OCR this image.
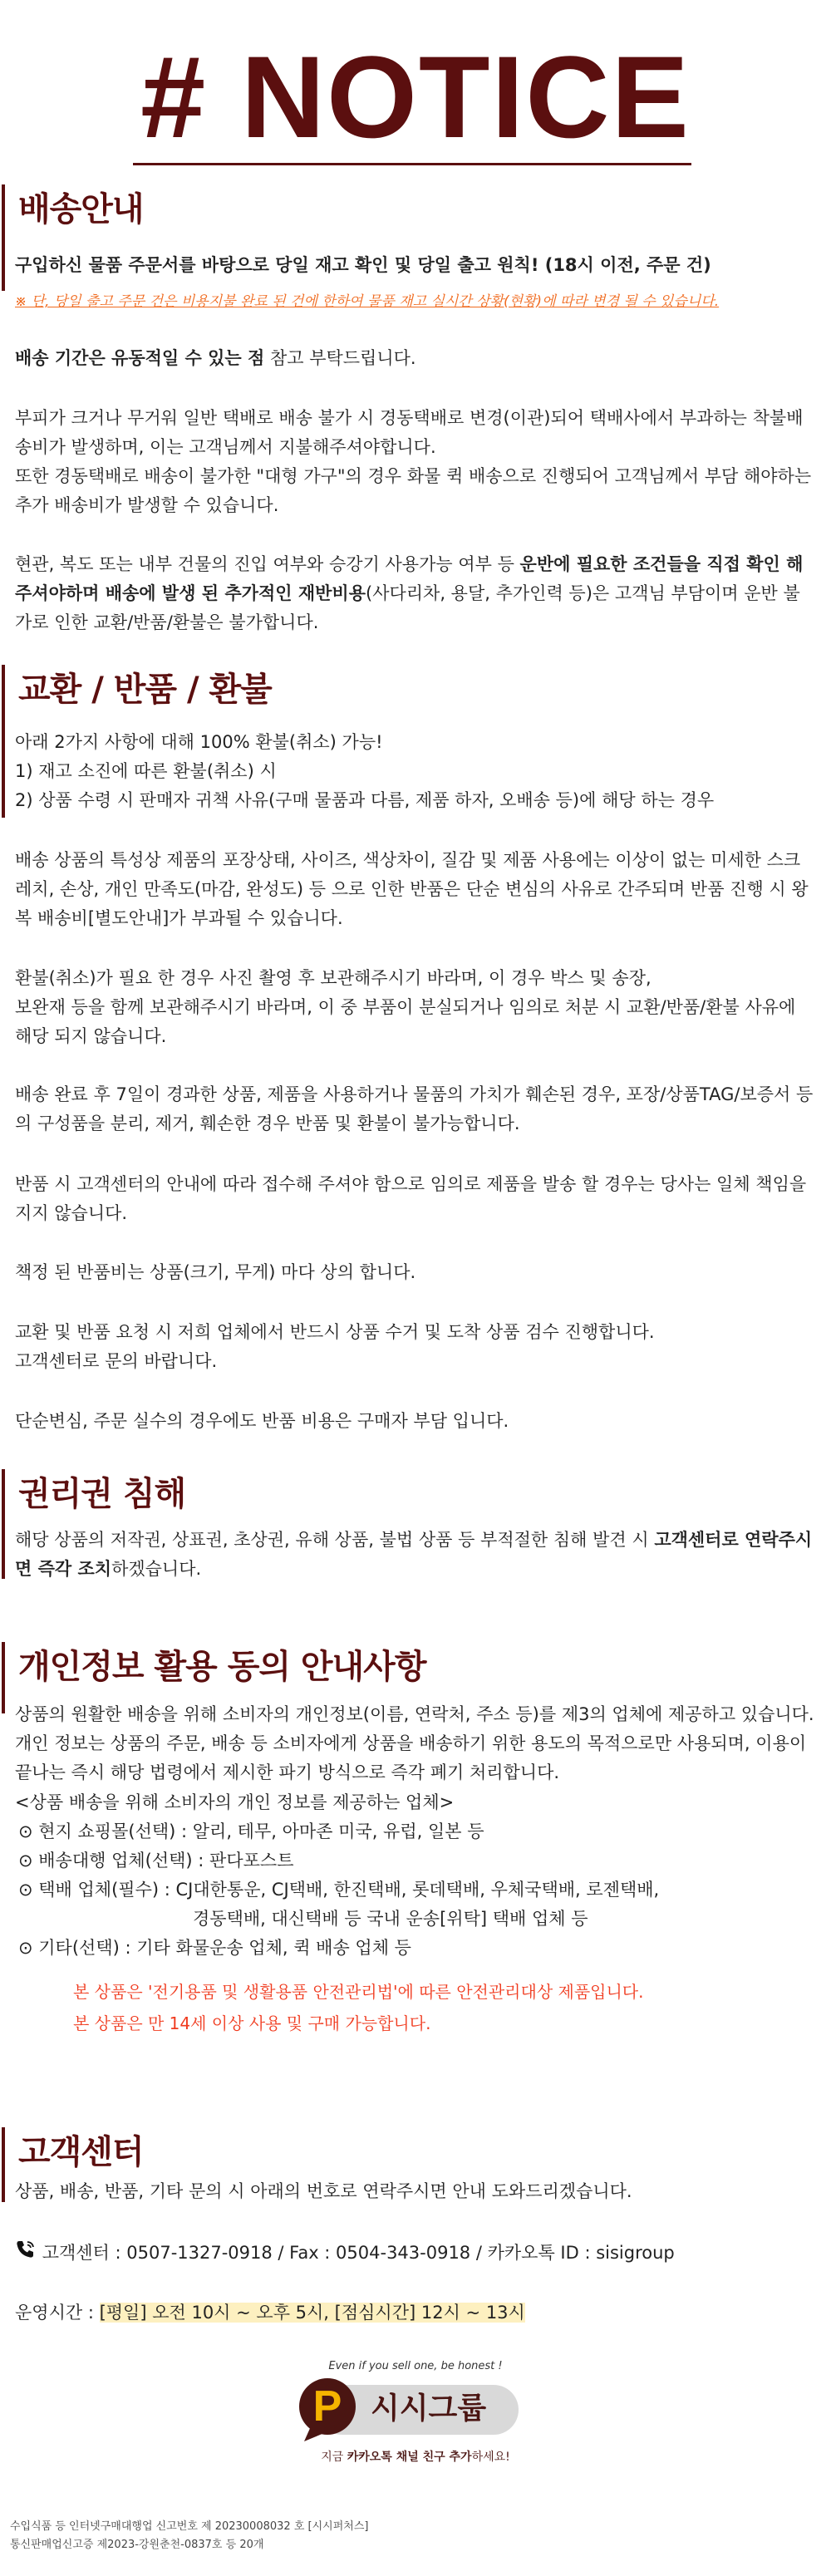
# NOTICE
배송안내
구입하신 물품 주문서를 바탕으로 당일 재고 확인 및 당일 출고 원칙! (18시 이전, 주문 건)
※ 단, 당일 출고 주문 건은 비용지불 완료 된 건에 한하여 물품 재고 실시간 상황(현황)에 따라 변경 될 수 있습니다.
배송 기간은 유동적일 수 있는 점 참고 부탁드립니다.
부피가 크거나 무거워 일반 택배로 배송 불가 시 경동택배로 변경(이관)되어 택배사에서 부과하는 착불배송비가 발생하며, 이는 고객님께서 지불해주셔야합니다.
또한 경동택배로 배송이 불가한 "대형 가구"의 경우 화물 퀵 배송으로 진행되어 고객님께서 부담 해야하는 추가 배송비가 발생할 수 있습니다.
현관, 복도 또는 내부 건물의 진입 여부와 승강기 사용가능 여부 등 운반에 필요한 조건들을 직접 확인 해주셔야하며 배송에 발생 된 추가적인 재반비용(사다리차, 용달, 추가인력 등)은 고객님 부담이며 운반 불가로 인한 교환/반품/환불은 불가합니다.
교환 / 반품 / 환불
아래 2가지 사항에 대해 100% 환불(취소) 가능!
1) 재고 소진에 따른 환불(취소) 시
2) 상품 수령 시 판매자 귀책 사유(구매 물품과 다름, 제품 하자, 오배송 등)에 해당 하는 경우
배송 상품의 특성상 제품의 포장상태, 사이즈, 색상차이, 질감 및 제품 사용에는 이상이 없는 미세한 스크레치, 손상, 개인 만족도(마감, 완성도) 등 으로 인한 반품은 단순 변심의 사유로 간주되며 반품 진행 시 왕복 배송비[별도안내]가 부과될 수 있습니다.
환불(취소)가 필요 한 경우 사진 촬영 후 보관해주시기 바라며, 이 경우 박스 및 송장,
보완재 등을 함께 보관해주시기 바라며, 이 중 부품이 분실되거나 임의로 처분 시 교환/반품/환불 사유에 해당 되지 않습니다.
배송 완료 후 7일이 경과한 상품, 제품을 사용하거나 물품의 가치가 훼손된 경우, 포장/상품TAG/보증서 등의 구성품을 분리, 제거, 훼손한 경우 반품 및 환불이 불가능합니다.
반품 시 고객센터의 안내에 따라 접수해 주셔야 함으로 임의로 제품을 발송 할 경우는 당사는 일체 책임을 지지 않습니다.
책정 된 반품비는 상품(크기, 무게) 마다 상의 합니다.
교환 및 반품 요청 시 저희 업체에서 반드시 상품 수거 및 도착 상품 검수 진행합니다.
고객센터로 문의 바랍니다.
단순변심, 주문 실수의 경우에도 반품 비용은 구매자 부담 입니다.
권리권 침해
해당 상품의 저작권, 상표권, 초상권, 유해 상품, 불법 상품 등 부적절한 침해 발견 시 고객센터로 연락주시면 즉각 조치하겠습니다.
개인정보 활용 동의 안내사항
상품의 원활한 배송을 위해 소비자의 개인정보(이름, 연락처, 주소 등)를 제3의 업체에 제공하고 있습니다. 개인 정보는 상품의 주문, 배송 등 소비자에게 상품을 배송하기 위한 용도의 목적으로만 사용되며, 이용이 끝나는 즉시 해당 법령에서 제시한 파기 방식으로 즉각 폐기 처리합니다.
<상품 배송을 위해 소비자의 개인 정보를 제공하는 업체>
⊙ 현지 쇼핑몰(선택) : 알리, 테무, 아마존 미국, 유럽, 일본 등
⊙ 배송대행 업체(선택) : 판다포스트
⊙ 택배 업체(필수) : CJ대한통운, CJ택배, 한진택배, 롯데택배, 우체국택배, 로젠택배,
경동택배, 대신택배 등 국내 운송[위탁] 택배 업체 등
⊙ 기타(선택) : 기타 화물운송 업체, 퀵 배송 업체 등
본 상품은 '전기용품 및 생활용품 안전관리법'에 따른 안전관리대상 제품입니다.
본 상품은 만 14세 이상 사용 및 구매 가능합니다.
고객센터
상품, 배송, 반품, 기타 문의 시 아래의 번호로 연락주시면 안내 도와드리겠습니다.
고객센터 : 0507-1327-0918 / Fax : 0504-343-0918 / 카카오톡 ID : sisigroup
운영시간 : [평일] 오전 10시 ~ 오후 5시, [점심시간] 12시 ~ 13시
Even if you sell one, be honest !
P 시시그룹
지금 카카오톡 채널 친구 추가하세요!
수입식품 등 인터넷구매대행업 신고번호 제 20230008032 호 [시시퍼처스]
통신판매업신고증 제2023-강원춘천-0837호 등 20개
